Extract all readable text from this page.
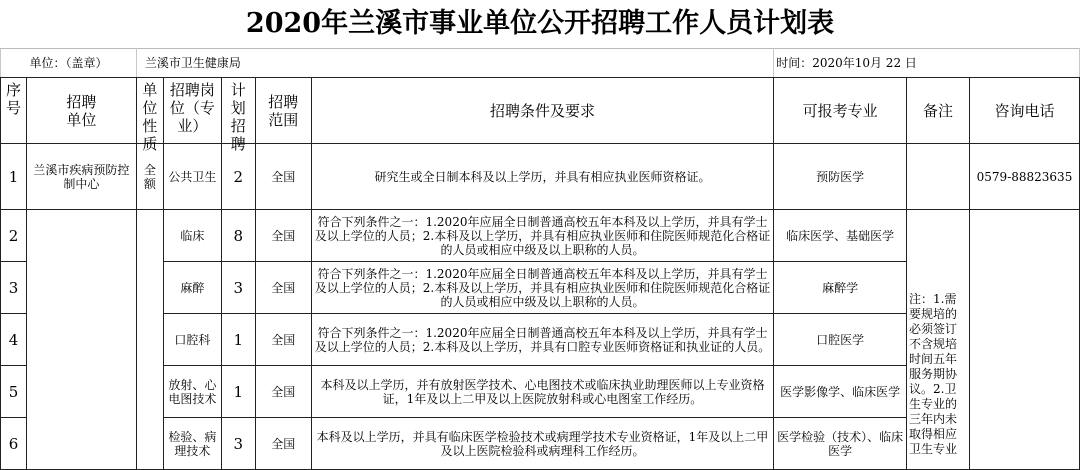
2020年兰溪市事业单位公开招聘工作人员计划表
单位：（盖章）		兰溪市卫生健康局					时间：2020年10月 22 日		

序号	招聘单位	单位性质	招聘岗位（专业）	计划招聘	招聘范围	招聘条件及要求	可报考专业	备注	咨询电话
1	兰溪市疾病预防控制中心	全额	公共卫生	2	全国	研究生或全日制本科及以上学历，并具有相应执业医师资格证。	预防医学		0579-88823635
2			临床	8	全国	符合下列条件之一：1.2020年应届全日制普通高校五年本科及以上学历，并具有学士及以上学位的人员；2.本科及以上学历，并具有相应执业医师和住院医师规范化合格证的人员或相应中级及以上职称的人员。	临床医学、基础医学	注：1.需要规培的必须签订不含规培时间五年服务期协议。2.卫生专业的三年内未取得相应卫生专业	

3			麻醉	3	全国	符合下列条件之一：1.2020年应届全日制普通高校五年本科及以上学历，并具有学士及以上学位的人员；2.本科及以上学历，并具有相应执业医师和住院医师规范化合格证的人员或相应中级及以上职称的人员。	麻醉学		
4			口腔科	1	全国	符合下列条件之一：1.2020年应届全日制普通高校五年本科及以上学历，并具有学士及以上学位的人员；2.本科及以上学历，并具有口腔专业医师资格证和执业证的人员。	口腔医学		
5			放射、心电图技术	1	全国	本科及以上学历，并有放射医学技术、心电图技术或临床执业助理医师以上专业资格证，1年及以上二甲及以上医院放射科或心电图室工作经历。	医学影像学、临床医学		
6			检验、病理技术	3	全国	本科及以上学历，并具有临床医学检验技术或病理学技术专业资格证，1年及以上二甲及以上医院检验科或病理科工作经历。	医学检验（技术）、临床医学		
